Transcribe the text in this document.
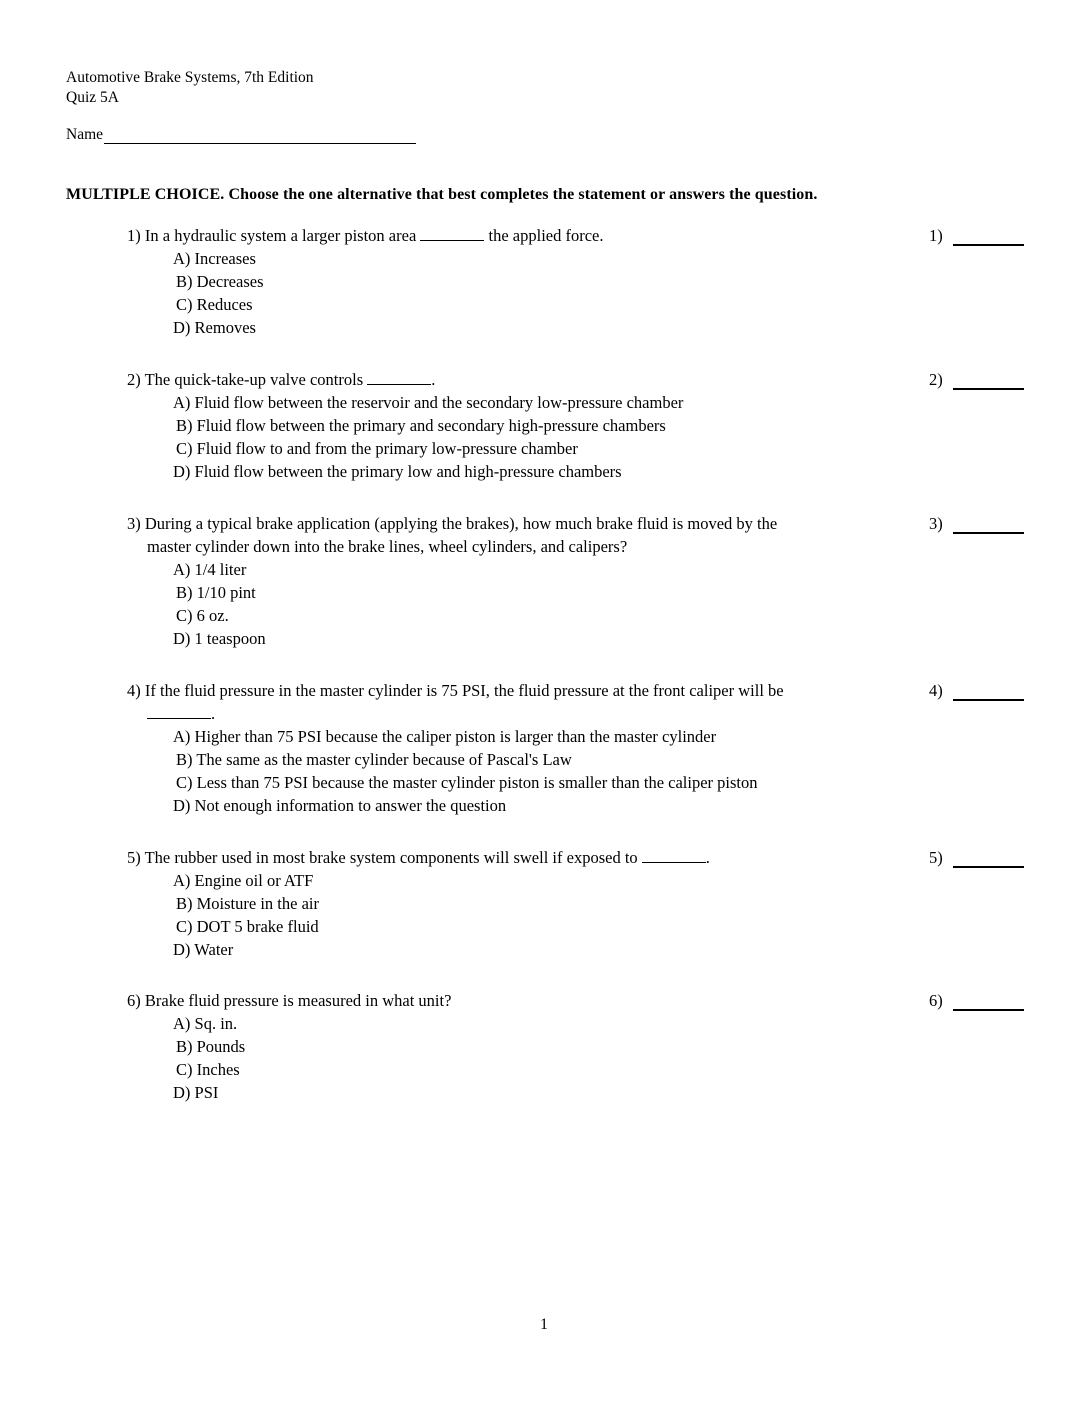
Automotive Brake Systems, 7th Edition
Quiz 5A
Name
MULTIPLE CHOICE. Choose the one alternative that best completes the statement or answers the question.

1) In a hydraulic system a larger piston area	the applied force.

A) Increases

B) Decreases

C) Reduces

D) Removes

1)

2) The quick-take-up valve controls	.

A) Fluid flow between the reservoir and the secondary low-pressure chamber

B) Fluid flow between the primary and secondary high-pressure chambers

C) Fluid flow to and from the primary low-pressure chamber

D) Fluid flow between the primary low and high-pressure chambers

2)

3) During a typical brake application (applying the brakes), how much brake fluid is moved by the
master cylinder down into the brake lines, wheel cylinders, and calipers?

A) 1/4 liter

B) 1/10 pint

C) 6 oz.

D) 1 teaspoon

3)

4) If the fluid pressure in the master cylinder is 75 PSI, the fluid pressure at the front caliper will be
.

A) Higher than 75 PSI because the caliper piston is larger than the master cylinder

B) The same as the master cylinder because of Pascal's Law

C) Less than 75 PSI because the master cylinder piston is smaller than the caliper piston

D) Not enough information to answer the question

4)

5) The rubber used in most brake system components will swell if exposed to	.

A) Engine oil or ATF

B) Moisture in the air

C) DOT 5 brake fluid

D) Water

5)

6) Brake fluid pressure is measured in what unit?

A) Sq. in.

B) Pounds

C) Inches

D) PSI

6)
1
